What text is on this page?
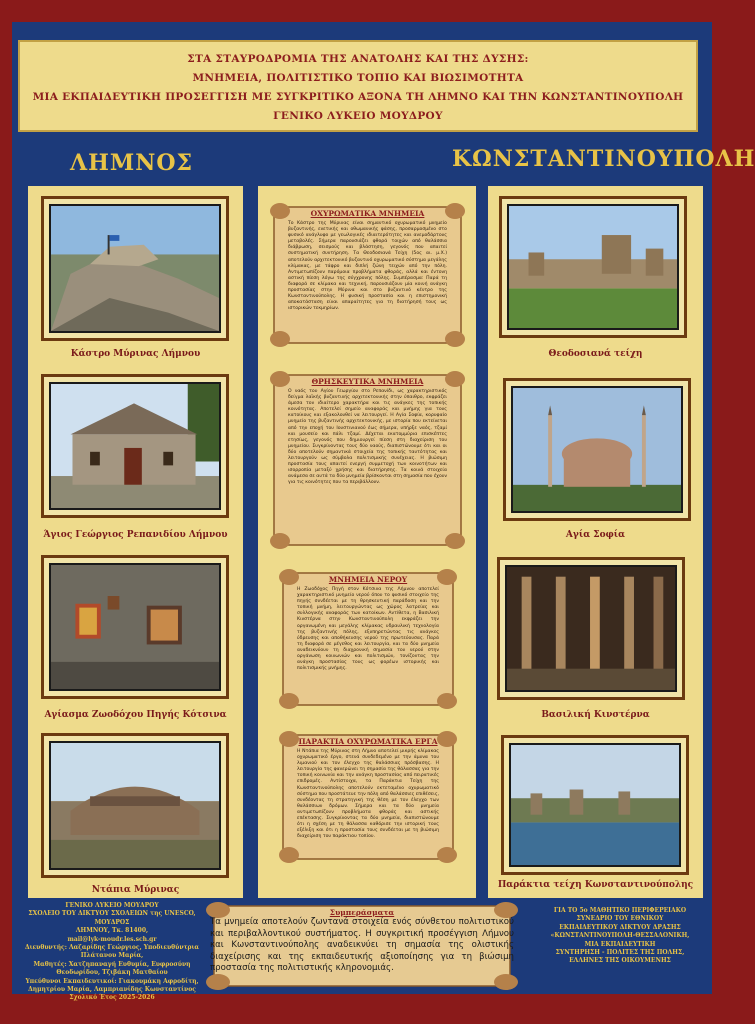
ΣΤΑ ΣΤΑΥΡΟΔΡΟΜΙΑ ΤΗΣ ΑΝΑΤΟΛΗΣ ΚΑΙ ΤΗΣ ΔΥΣΗΣ:
ΜΝΗΜΕΙΑ, ΠΟΛΙΤΙΣΤΙΚΟ ΤΟΠΙΟ ΚΑΙ ΒΙΩΣΙΜΟΤΗΤΑ
ΜΙΑ ΕΚΠΑΙΔΕΥΤΙΚΗ ΠΡΟΣΕΓΓΙΣΗ ΜΕ ΣΥΓΚΡΙΤΙΚΟ ΑΞΟΝΑ ΤΗ ΛΗΜΝΟ ΚΑΙ ΤΗΝ ΚΩΝΣΤΑΝΤΙΝΟΥΠΟΛΗ
ΓΕΝΙΚΟ ΛΥΚΕΙΟ ΜΟΥΔΡΟΥ
ΛΗΜΝΟΣ	ΚΩΝΣΤΑΝΤΙΝΟΥΠΟΛΗ
Κάστρο Μύρινας Λήμνου
Άγιος Γεώργιος Ρεπανιδίου Λήμνου
Αγίασμα Ζωοδόχου Πηγής Κότσινα
Ντάπια Μύρινας
ΟΧΥΡΩΜΑΤΙΚΑ ΜΝΗΜΕΙΑ
Το Κάστρο της Μύρινας είναι σημαντικό οχυρωματικό μνημείο βυζαντινής, ενετικής και οθωμανικής φάσης, προσαρμοσμένο στο φυσικό ανάγλυφο με γεωλογικές ιδιαιτερότητες και ανεμοδάρτους μεταβολές. Σήμερα παρουσιάζει φθορά τοιχών από θαλάσσια διάβρωση, σεισμούς και βλάστηση, γεγονός που απαιτεί συστηματική συντήρηση. Τα Θεοδοσιανά Τείχη (5ος αι. μ.Χ.) αποτελούν αρχιτεκτονικό βυζαντινό οχυρωματικό σύστημα μεγάλης κλίμακας, με τάφρο και διπλή ζώνη τειχών από την πόλη. Αντιμετωπίζουν παρόμοια προβλήματα φθοράς, αλλά και έντονη αστική πίεση λόγω της σύγχρονης πόλης. Συμπέρασμα: Παρά τη διαφορά σε κλίμακα και τεχνική, παρουσιάζουν μία κοινή ανάγκη προστασίας στην Μύρινα και στο βυζαντινό κέντρο της Κωνσταντινούπολης. Η φυσική προστασία και η επιστημονική αποκατάσταση είναι απαραίτητες για τη διατήρησή τους ως ιστορικών τεκμηρίων.
ΘΡΗΣΚΕΥΤΙΚΑ ΜΝΗΜΕΙΑ
Ο ναός του Αγίου Γεωργίου στο Ρεπανίδι, ως χαρακτηριστικός δείγμα λαϊκής βυζαντινής αρχιτεκτονικής στην ύπαιθρο, εκφράζει άμεσα τον ιδιαίτερο χαρακτήρα και τις ανάγκες της τοπικής κοινότητας. Αποτελεί σημείο αναφοράς και μνήμης για τους κατοίκους και εξακολουθεί να λειτουργεί. Η Αγία Σοφία, κορυφαίο μνημείο της βυζαντινής αρχιτεκτονικής, με ιστορία που εκτείνεται από την εποχή του Ιουστινιανού έως σήμερα, υπήρξε ναός, τζαμί και μουσείο και πάλι τζαμί. Δέχεται εκατομμύρια επισκέπτες ετησίως, γεγονός που δημιουργεί πίεση στη διαχείριση του μνημείου. Συγκρίνοντας τους δύο ναούς, διαπιστώνουμε ότι και οι δύο αποτελούν σημαντικά στοιχεία της τοπικής ταυτότητας και λειτουργούν ως σύμβολα πολιτισμικής συνέχειας. Η βιώσιμη προστασία τους απαιτεί ενεργή συμμετοχή των κοινοτήτων και ισορροπία μεταξύ χρήσης και διατήρησης. Τα κοινά στοιχεία ανάμεσα σε αυτά τα δύο μνημεία βρίσκονται στη σημασία που έχουν για τις κοινότητες που τα περιβάλλουν.
ΜΝΗΜΕΙΑ ΝΕΡΟΥ
Η Ζωοδόχος Πηγή στον Κότσινα της Λήμνου αποτελεί χαρακτηριστικό μνημείο νερού όπου το φυσικό στοιχείο της πηγής συνδέεται με τη θρησκευτική παράδοση και την τοπική μνήμη, λειτουργώντας ως χώρος λατρείας και συλλογικής αναφοράς των κατοίκων. Αντίθετα, η Βασιλική Κινστέρνα στην Κωνσταντινούπολη εκφράζει την οργανωμένη και μεγάλης κλίμακας υδραυλική τεχνολογία της βυζαντινής πόλης, εξυπηρετώντας τις ανάγκες ύδρευσης και αποθήκευσης νερού της πρωτεύουσας. Παρά τη διαφορά σε μέγεθος και λειτουργία, και τα δύο μνημεία αναδεικνύουν τη διαχρονική σημασία του νερού στην οργάνωση κοινωνιών και πολιτισμών, τονίζοντας την ανάγκη προστασίας τους ως φορέων ιστορικής και πολιτισμικής μνήμης.
ΠΑΡΑΚΤΙΑ ΟΧΥΡΩΜΑΤΙΚΑ ΕΡΓΑ
Η Ντάπια της Μύρινας στη Λήμνο αποτελεί μικρής κλίμακας οχυρωματικό έργο, στενά συνδεδεμένο με την άμυνα του λιμανιού και τον έλεγχο της θαλάσσιας πρόσβασης. Η λειτουργία της φανερώνει τη σημασία της θάλασσας για την τοπική κοινωνία και την ανάγκη προστασίας από πειρατικές επιδρομές. Αντίστοιχα, τα Παράκτια Τείχη της Κωνσταντινούπολης αποτελούν εκτεταμένο οχυρωματικό σύστημα που προστάτευε την πόλη από θαλάσσιες επιθέσεις, συνδέοντας τη στρατηγική της θέση με τον έλεγχο των θαλάσσιων δρόμων. Σήμερα και τα δύο μνημεία αντιμετωπίζουν προβλήματα φθοράς και αστικής επέκτασης. Συγκρίνοντας τα δύο μνημεία, διαπιστώνουμε ότι η σχέση με τη θάλασσα καθόρισε την ιστορική τους εξέλιξη και ότι η προστασία τους συνδέεται με τη βιώσιμη διαχείριση του παράκτιου τοπίου.
Θεοδοσιανά τείχη
Αγία Σοφία
Βασιλική Κινστέρνα
Παράκτια τείχη Κωνσταντινούπολης
ΓΕΝΙΚΟ ΛΥΚΕΙΟ ΜΟΥΔΡΟΥ
ΣΧΟΛΕΙΟ ΤΟΥ ΔΙΚΤΥΟΥ ΣΧΟΛΕΙΩΝ της UNESCO, ΜΟΥΔΡΟΣ
ΛΗΜΝΟΥ, Τκ. 81400,
mail@lyk-moudr.les.sch.gr
Διευθυντής: Λαζαρίδης Γεώργιος, Υποδιευθύντρια Πλάτανου Μαρία,
Μαθητές: Χατζηπαναγή Ευθυμία, Ευφροσύνη Θεοδωρίδου, Τζιβάκη Ματθαίου
Υπεύθυνοι Εκπαιδευτικοί: Γιακουμάκη Αφροδίτη,
Δημητρίου Μαρία, Λαμπριανίδης Κωνσταντίνος
Σχολικό Έτος 2025-2026
Συμπεράσματα
Τα μνημεία αποτελούν ζωντανά στοιχεία ενός σύνθετου πολιτιστικού και περιβαλλοντικού συστήματος. Η συγκριτική προσέγγιση Λήμνου και Κωνσταντινούπολης αναδεικνύει τη σημασία της ολιστικής διαχείρισης και της εκπαιδευτικής αξιοποίησης για τη βιώσιμη προστασία της πολιτιστικής κληρονομιάς.
ΓΙΑ ΤΟ 5ο ΜΑΘΗΤΙΚΟ ΠΕΡΙΦΕΡΕΙΑΚΟ
ΣΥΝΕΔΡΙΟ ΤΟΥ ΕΘΝΙΚΟΥ
ΕΚΠΑΙΔΕΥΤΙΚΟΥ ΔΙΚΤΥΟΥ ΔΡΑΣΗΣ
«ΚΩΝΣΤΑΝΤΙΝΟΥΠΟΛΗ-ΘΕΣΣΑΛΟΝΙΚΗ,
ΜΙΑ ΕΚΠΑΙΔΕΥΤΙΚΗ
ΣΥΝΤΗΡΗΣΗ - ΠΟΛΙΤΕΣ ΤΗΣ ΠΟΛΗΣ,
ΕΛΛΗΝΕΣ ΤΗΣ ΟΙΚΟΥΜΕΝΗΣ
